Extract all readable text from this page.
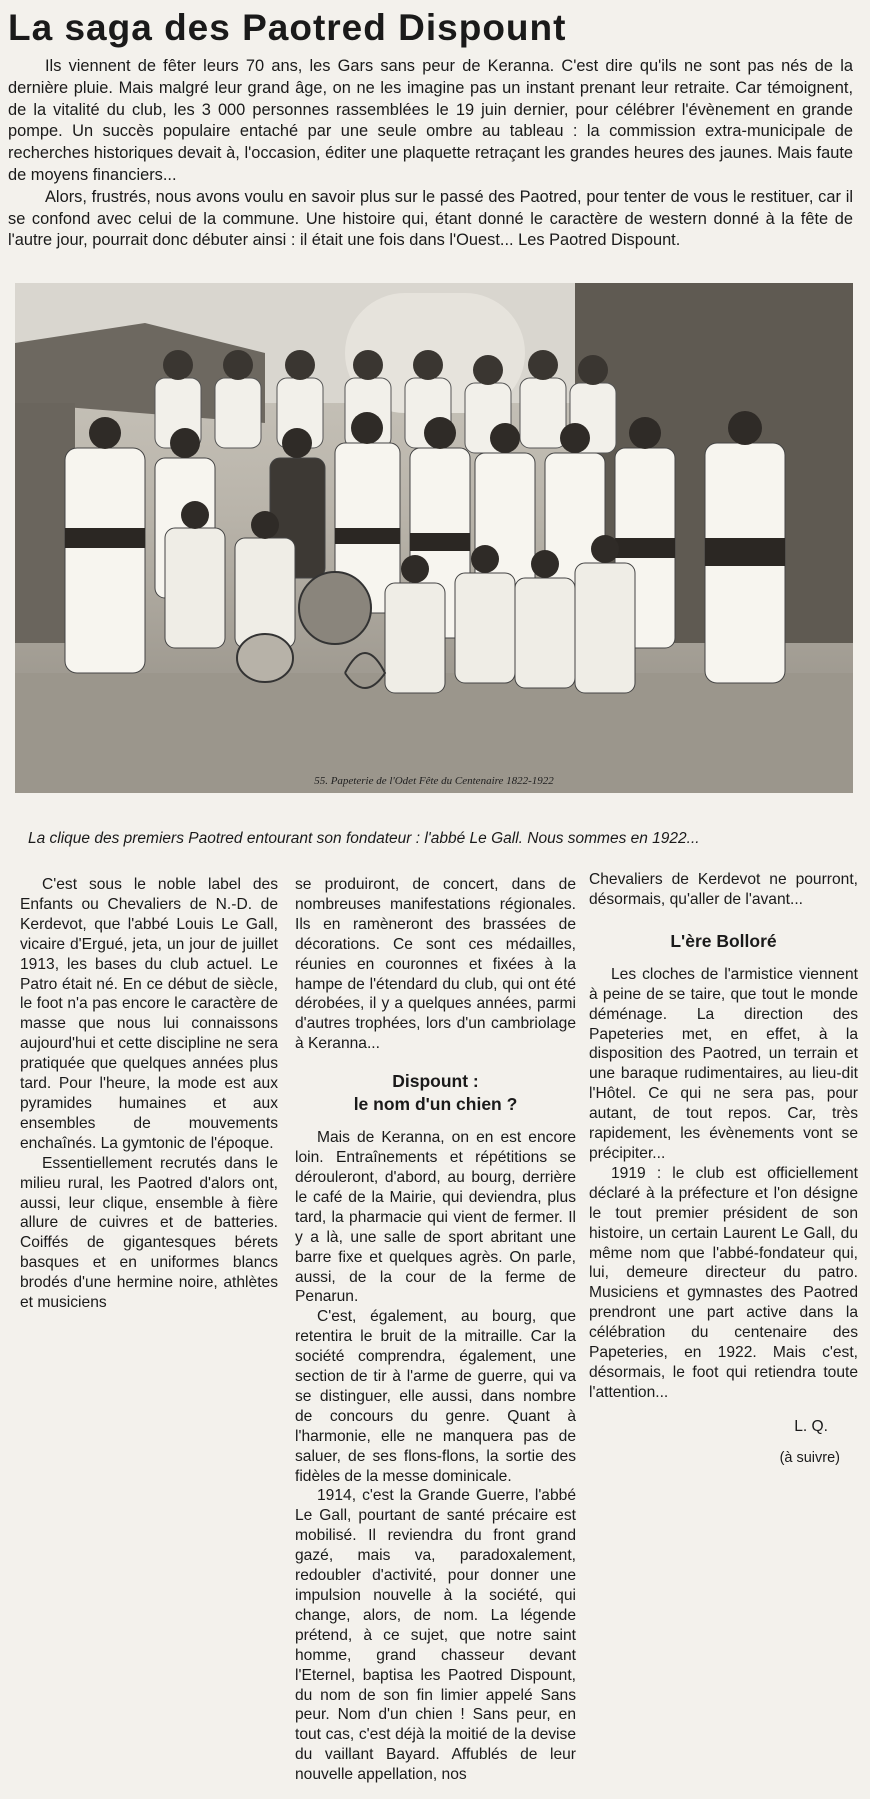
La saga des Paotred Dispount

Ils viennent de fêter leurs 70 ans, les Gars sans peur de Keranna. C'est dire qu'ils ne sont pas nés de la dernière pluie. Mais malgré leur grand âge, on ne les imagine pas un instant prenant leur retraite. Car témoignent, de la vitalité du club, les 3 000 personnes rassemblées le 19 juin dernier, pour célébrer l'évènement en grande pompe. Un succès populaire entaché par une seule ombre au tableau : la commission extra-municipale de recherches historiques devait à, l'occasion, éditer une plaquette retraçant les grandes heures des jaunes. Mais faute de moyens financiers...

Alors, frustrés, nous avons voulu en savoir plus sur le passé des Paotred, pour tenter de vous le restituer, car il se confond avec celui de la commune. Une histoire qui, étant donné le caractère de western donné à la fête de l'autre jour, pourrait donc débuter ainsi : il était une fois dans l'Ouest... Les Paotred Dispount.

55. Papeterie de l'Odet Fête du Centenaire 1822-1922
La clique des premiers Paotred entourant son fondateur : l'abbé Le Gall. Nous sommes en 1922...

C'est sous le noble label des Enfants ou Chevaliers de N.-D. de Kerdevot, que l'abbé Louis Le Gall, vicaire d'Ergué, jeta, un jour de juillet 1913, les bases du club actuel. Le Patro était né. En ce début de siècle, le foot n'a pas encore le caractère de masse que nous lui connaissons aujourd'hui et cette discipline ne sera pratiquée que quelques années plus tard. Pour l'heure, la mode est aux pyramides humaines et aux ensembles de mouvements enchaînés. La gymtonic de l'époque.

Essentiellement recrutés dans le milieu rural, les Paotred d'alors ont, aussi, leur clique, ensemble à fière allure de cuivres et de batteries. Coiffés de gigantesques bérets basques et en uniformes blancs brodés d'une hermine noire, athlètes et musiciens

se produiront, de concert, dans de nombreuses manifestations régionales. Ils en ramèneront des brassées de décorations. Ce sont ces médailles, réunies en couronnes et fixées à la hampe de l'étendard du club, qui ont été dérobées, il y a quelques années, parmi d'autres trophées, lors d'un cambriolage à Keranna...

Dispount :
le nom d'un chien ?

Mais de Keranna, on en est encore loin. Entraînements et répétitions se dérouleront, d'abord, au bourg, derrière le café de la Mairie, qui deviendra, plus tard, la pharmacie qui vient de fermer. Il y a là, une salle de sport abritant une barre fixe et quelques agrès. On parle, aussi, de la cour de la ferme de Penarun.

C'est, également, au bourg, que retentira le bruit de la mitraille. Car la société comprendra, également, une section de tir à l'arme de guerre, qui va se distinguer, elle aussi, dans nombre de concours du genre. Quant à l'harmonie, elle ne manquera pas de saluer, de ses flons-flons, la sortie des fidèles de la messe dominicale.

1914, c'est la Grande Guerre, l'abbé Le Gall, pourtant de santé précaire est mobilisé. Il reviendra du front grand gazé, mais va, paradoxalement, redoubler d'activité, pour donner une impulsion nouvelle à la société, qui change, alors, de nom. La légende prétend, à ce sujet, que notre saint homme, grand chasseur devant l'Eternel, baptisa les Paotred Dispount, du nom de son fin limier appelé Sans peur. Nom d'un chien ! Sans peur, en tout cas, c'est déjà la moitié de la devise du vaillant Bayard. Affublés de leur nouvelle appellation, nos

Chevaliers de Kerdevot ne pourront, désormais, qu'aller de l'avant...

L'ère Bolloré

Les cloches de l'armistice viennent à peine de se taire, que tout le monde déménage. La direction des Papeteries met, en effet, à la disposition des Paotred, un terrain et une baraque rudimentaires, au lieu-dit l'Hôtel. Ce qui ne sera pas, pour autant, de tout repos. Car, très rapidement, les évènements vont se précipiter...

1919 : le club est officiellement déclaré à la préfecture et l'on désigne le tout premier président de son histoire, un certain Laurent Le Gall, du même nom que l'abbé-fondateur qui, lui, demeure directeur du patro. Musiciens et gymnastes des Paotred prendront une part active dans la célébration du centenaire des Papeteries, en 1922. Mais c'est, désormais, le foot qui retiendra toute l'attention...

L. Q.
(à suivre)
